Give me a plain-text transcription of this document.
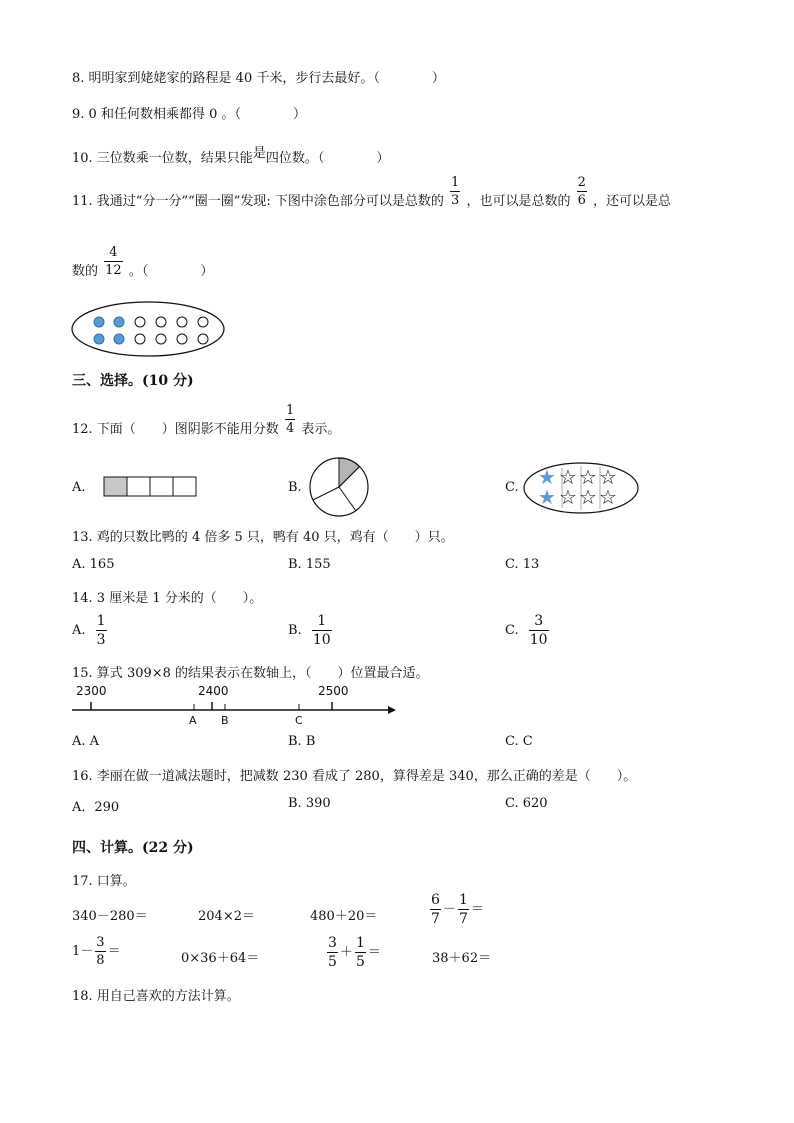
8. 明明家到姥姥家的路程是 40 千米，步行去最好。（　　　　）
9. 0 和任何数相乘都得 0 。（　　　　）
10. 三位数乘一位数，结果只能是四位数。（　　　　）
11. 我通过“分一分”“圈一圈”发现: 下图中涂色部分可以是总数的 $\frac{1}{3}$ ，也可以是总数的 $\frac{2}{6}$ ，还可以是总
数的 $\frac{4}{12}$ 。（　　　　）
三、选择。(10 分)
12. 下面（　　）图阴影不能用分数 $\frac{1}{4}$ 表示。
A.	B.	C. ★ ☆ ☆ ☆
★ ☆ ☆ ☆
13. 鸡的只数比鸭的 4 倍多 5 只，鸭有 40 只，鸡有（　　）只。
A. 165	B. 155	C. 13
14. 3 厘米是 1 分米的（　　）。
A. $\frac{1}{3}$	B. $\frac{1}{10}$	C. $\frac{3}{10}$
15. 算式 309×8 的结果表示在数轴上，（　　）位置最合适。
2300	2400	2500
A B	C
A. A	B. B	C. C
16. 李丽在做一道减法题时，把减数 230 看成了 280，算得差是 340，那么正确的差是（　　）。
A．290	B. 390	C. 620
四、计算。(22 分)
17. 口算。
340－280＝	204×2＝	480＋20＝	$\frac{6}{7} - \frac{1}{7}$ ＝
$1- \frac{3}{8}$ ＝	0×36＋64＝	$\frac{3}{5} + \frac{1}{5}$ ＝	38＋62＝
18. 用自己喜欢的方法计算。
